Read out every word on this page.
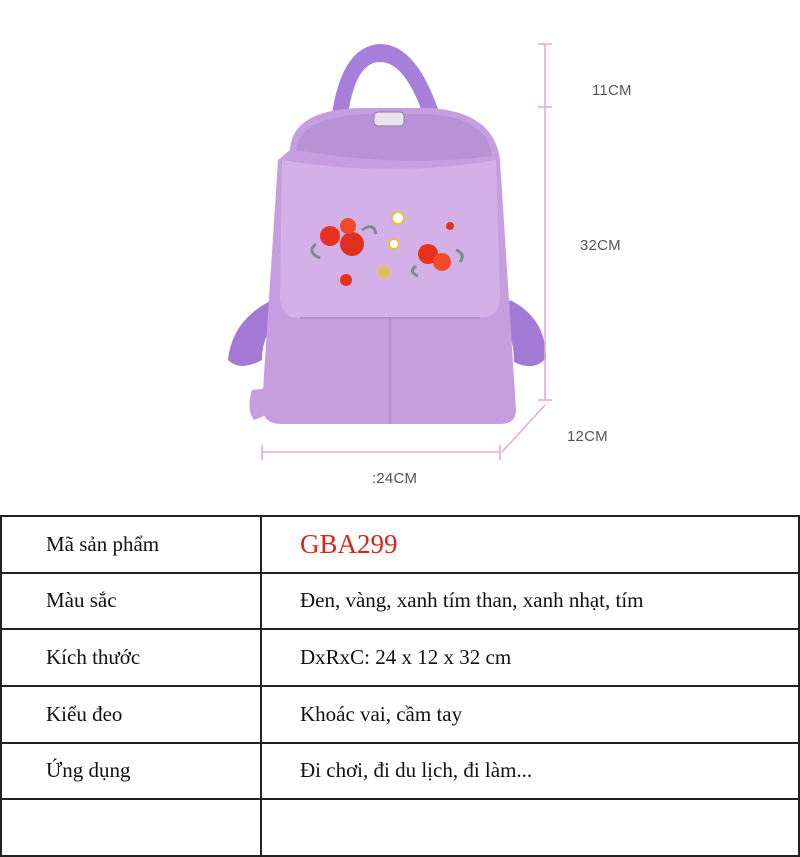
11CM
32CM
12CM
:24CM
Mã sản phẩm	GBA299
Màu sắc	Đen, vàng, xanh tím than, xanh nhạt, tím
Kích thước	DxRxC: 24 x 12 x 32 cm
Kiểu đeo	Khoác vai, cầm tay
Ứng dụng	Đi chơi, đi du lịch, đi làm...
